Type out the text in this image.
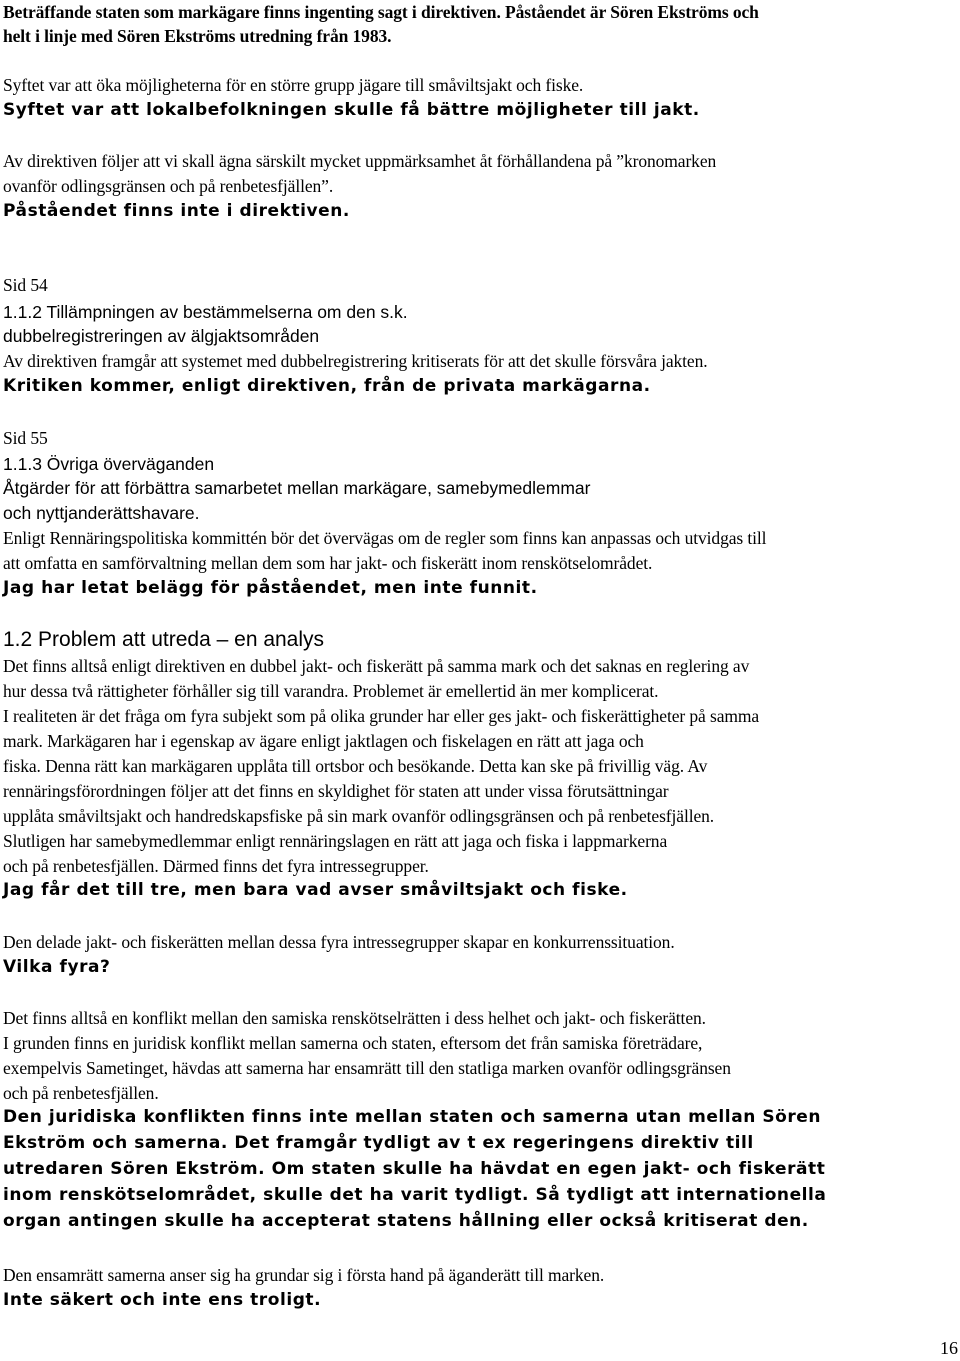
Beträffande staten som markägare finns ingenting sagt i direktiven. Påståendet är Sören Ekströms och

helt i linje med Sören Ekströms utredning från 1983.

Syftet var att öka möjligheterna för en större grupp jägare till småviltsjakt och fiske.

Syftet var att lokalbefolkningen skulle få bättre möjligheter till jakt.

Av direktiven följer att vi skall ägna särskilt mycket uppmärksamhet åt förhållandena på ”kronomarken

ovanför odlingsgränsen och på renbetesfjällen”.

Påståendet finns inte i direktiven.

Sid 54

1.1.2 Tillämpningen av bestämmelserna om den s.k.

dubbelregistreringen av älgjaktsområden

Av direktiven framgår att systemet med dubbelregistrering kritiserats för att det skulle försvåra jakten.

Kritiken kommer, enligt direktiven, från de privata markägarna.

Sid 55

1.1.3 Övriga överväganden

Åtgärder för att förbättra samarbetet mellan markägare, samebymedlemmar

och nyttjanderättshavare.

Enligt Rennäringspolitiska kommittén bör det övervägas om de regler som finns kan anpassas och utvidgas till

att omfatta en samförvaltning mellan dem som har jakt- och fiskerätt inom renskötselområdet.

Jag har letat belägg för påståendet, men inte funnit.

1.2 Problem att utreda – en analys

Det finns alltså enligt direktiven en dubbel jakt- och fiskerätt på samma mark och det saknas en reglering av

hur dessa två rättigheter förhåller sig till varandra. Problemet är emellertid än mer komplicerat.

I realiteten är det fråga om fyra subjekt som på olika grunder har eller ges jakt- och fiskerättigheter på samma

mark. Markägaren har i egenskap av ägare enligt jaktlagen och fiskelagen en rätt att jaga och

fiska. Denna rätt kan markägaren upplåta till ortsbor och besökande. Detta kan ske på frivillig väg. Av

rennäringsförordningen följer att det finns en skyldighet för staten att under vissa förutsättningar

upplåta småviltsjakt och handredskapsfiske på sin mark ovanför odlingsgränsen och på renbetesfjällen.

Slutligen har samebymedlemmar enligt rennäringslagen en rätt att jaga och fiska i lappmarkerna

och på renbetesfjällen. Därmed finns det fyra intressegrupper.

Jag får det till tre, men bara vad avser småviltsjakt och fiske.

Den delade jakt- och fiskerätten mellan dessa fyra intressegrupper skapar en konkurrenssituation.

Vilka fyra?

Det finns alltså en konflikt mellan den samiska renskötselrätten i dess helhet och jakt- och fiskerätten.

I grunden finns en juridisk konflikt mellan samerna och staten, eftersom det från samiska företrädare,

exempelvis Sametinget, hävdas att samerna har ensamrätt till den statliga marken ovanför odlingsgränsen

och på renbetesfjällen.

Den juridiska konflikten finns inte mellan staten och samerna utan mellan Sören

Ekström och samerna. Det framgår tydligt av t ex regeringens direktiv till

utredaren Sören Ekström. Om staten skulle ha hävdat en egen jakt- och fiskerätt

inom renskötselområdet, skulle det ha varit tydligt. Så tydligt att internationella

organ antingen skulle ha accepterat statens hållning eller också kritiserat den.

Den ensamrätt samerna anser sig ha grundar sig i första hand på äganderätt till marken.

Inte säkert och inte ens troligt.

16
